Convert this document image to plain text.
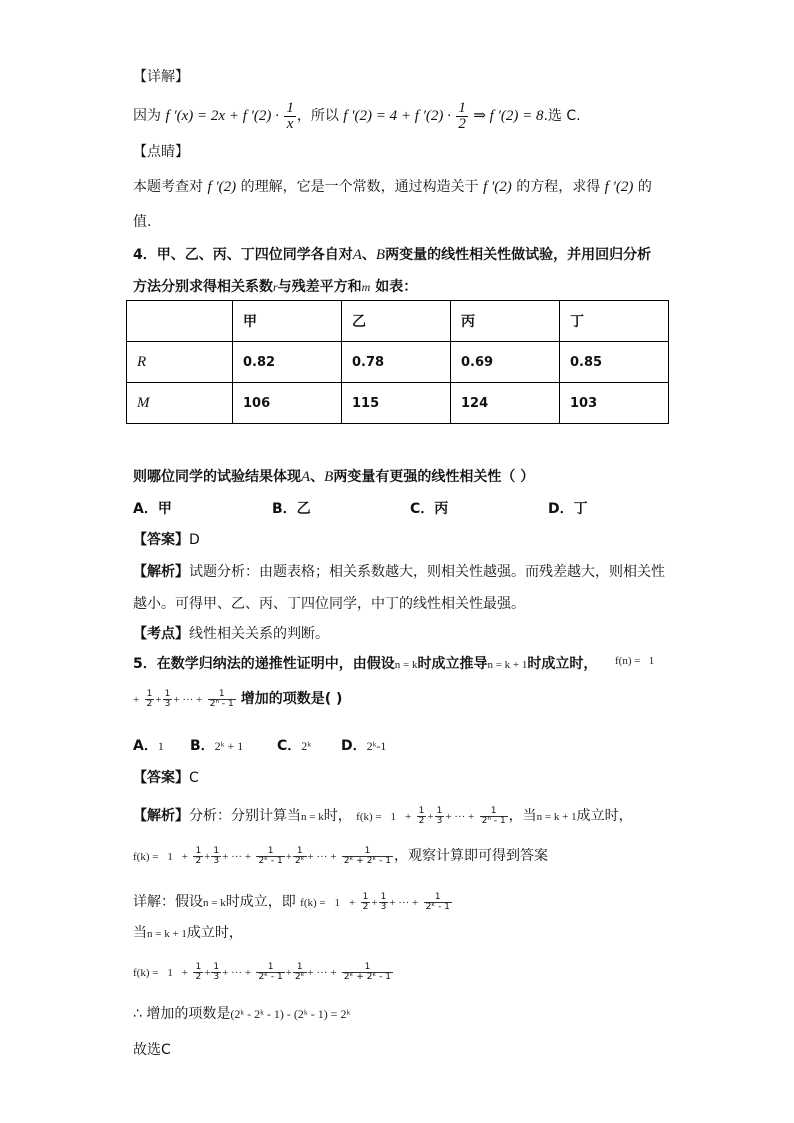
【详解】
因为 f ′(x) = 2x + f $'(2) \cdot \frac{1}{x}$ ，所以 f ′(2) = 4 + f $'(2) \cdot \frac{1}{2}$ ⇒ f ′(2) = 8.选 C.
【点睛】
本题考查对 f ′(2) 的理解，它是一个常数，通过构造关于 f ′(2) 的方程，求得 f ′(2) 的
值.
4．甲、乙、丙、丁四位同学各自对A、B两变量的线性相关性做试验，并用回归分析
方法分别求得相关系数r与残差平方和m 如表：
	甲	乙	丙	丁
R	0.82	0.78	0.69	0.85
M	106	115	124	103
则哪位同学的试验结果体现A、B两变量有更强的线性相关性（ ）
A．甲	B．乙	C．丙	D．丁
【答案】D
【解析】试题分析：由题表格；相关系数越大，则相关性越强。而残差越大，则相关性
越小。可得甲、乙、丙、丁四位同学，中丁的线性相关性最强。
【考点】线性相关关系的判断。
5．在数学归纳法的递推性证明中，由假设n = k时成立推导n = k + 1时成立时， f(n) = 1
+ $\frac{1}{2} + \frac{1}{3}$ + ··· + $\frac{1}{\text{2ⁿ - 1}}$ 增加的项数是( )
A．1 B．2ᵏ + 1 C．2ᵏ D．2ᵏ-1
【答案】C
【解析】分析：分别计算当n = k时， $f(k) = 1 + \frac{1}{2} + \frac{1}{3}$ + ··· + $\frac{1}{\text{2ⁿ - 1}}$ ，当n = k + 1成立时，
$f(k) = 1 + \frac{1}{2} + \frac{1}{3}$ + ··· + $\frac{1}{\text{2ᵏ - 1}} + \frac{1}{\text{2ᵏ}}$ + ··· + $\frac{1}{\text{2ᵏ + 2ᵏ - 1}}$ ，观察计算即可得到答案
详解：假设n = k时成立，即 $f(k) = 1 + \frac{1}{2} + \frac{1}{3}$ + ··· + $\frac{1}{\text{2ᵏ - 1}}$
当n = k + 1成立时，
$f(k) = 1 + \frac{1}{2} + \frac{1}{3}$ + ··· + $\frac{1}{\text{2ᵏ - 1}} + \frac{1}{\text{2ᵏ}}$ + ··· + $\frac{1}{\text{2ᵏ + 2ᵏ - 1}}$
∴ 增加的项数是(2ᵏ - 2ᵏ - 1) - (2ᵏ - 1) = 2ᵏ
故选C
